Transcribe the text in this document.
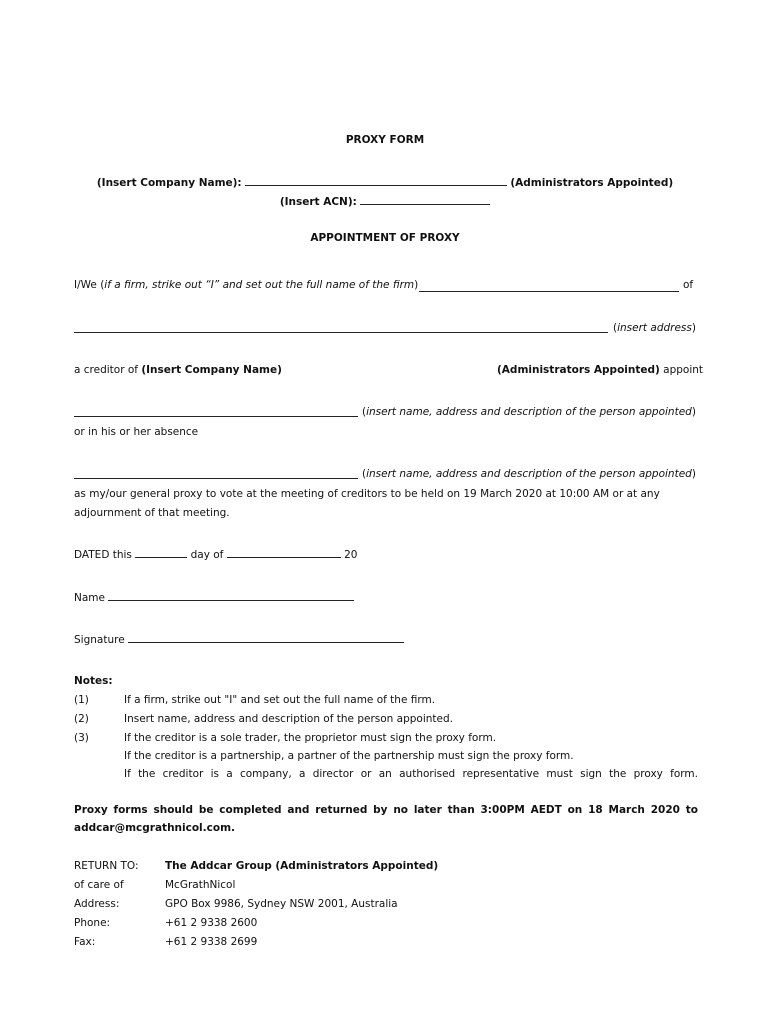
PROXY FORM
(Insert Company Name):	(Administrators Appointed)
(Insert ACN):
APPOINTMENT OF PROXY
I/We (if a firm, strike out “I” and set out the full name of the firm)	of
(insert address)
a creditor of (Insert Company Name)	(Administrators Appointed) appoint
(insert name, address and description of the person appointed)
or in his or her absence
(insert name, address and description of the person appointed)
as my/our general proxy to vote at the meeting of creditors to be held on 19 March 2020 at 10:00 AM or at any
adjournment of that meeting.
DATED this	day of	20
Name
Signature
Notes:
(1)	If a firm, strike out "I" and set out the full name of the firm.
(2)	Insert name, address and description of the person appointed.
(3)	If the creditor is a sole trader, the proprietor must sign the proxy form.
If the creditor is a partnership, a partner of the partnership must sign the proxy form.
If the creditor is a company, a director or an authorised representative must sign the proxy form.
Proxy forms should be completed and returned by no later than 3:00PM AEDT on 18 March 2020 to
addcar@mcgrathnicol.com.
RETURN TO:	The Addcar Group (Administrators Appointed)
of care of	McGrathNicol
Address:	GPO Box 9986, Sydney NSW 2001, Australia
Phone:	+61 2 9338 2600
Fax:	+61 2 9338 2699
